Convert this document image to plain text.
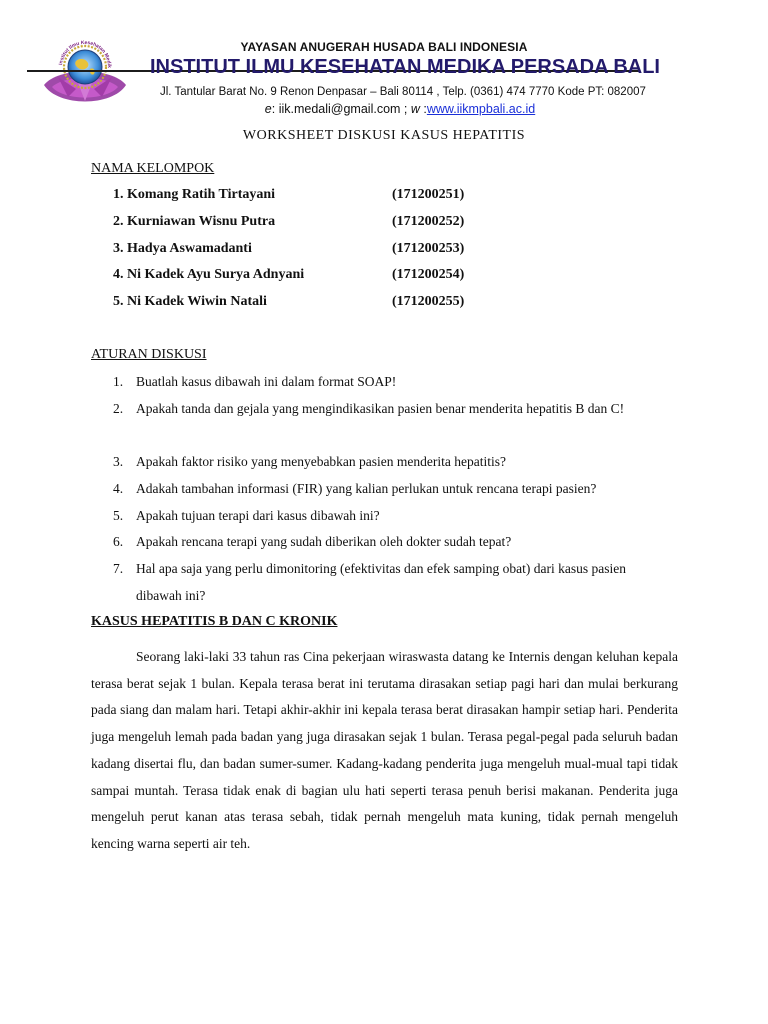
Institut Ilmu Kesehatan Medik
YAYASAN ANUGERAH HUSADA BALI INDONESIA
INSTITUT ILMU KESEHATAN MEDIKA PERSADA BALI
Jl. Tantular Barat No. 9 Renon Denpasar – Bali 80114 , Telp. (0361) 474 7770 Kode PT: 082007
e: iik.medali@gmail.com ; w :www.iikmpbali.ac.id
WORKSHEET DISKUSI KASUS HEPATITIS
NAMA KELOMPOK
1. Komang Ratih Tirtayani	(171200251)
2. Kurniawan Wisnu Putra	(171200252)
3. Hadya Aswamadanti	(171200253)
4. Ni Kadek Ayu Surya Adnyani	(171200254)
5. Ni Kadek Wiwin Natali	(171200255)
ATURAN DISKUSI
1. Buatlah kasus dibawah ini dalam format SOAP!
2. Apakah tanda dan gejala yang mengindikasikan pasien benar menderita hepatitis B dan C!
3. Apakah faktor risiko yang menyebabkan pasien menderita hepatitis?
4. Adakah tambahan informasi (FIR) yang kalian perlukan untuk rencana terapi pasien?
5. Apakah tujuan terapi dari kasus dibawah ini?
6. Apakah rencana terapi yang sudah diberikan oleh dokter sudah tepat?
7. Hal apa saja yang perlu dimonitoring (efektivitas dan efek samping obat) dari kasus pasien dibawah ini?
KASUS HEPATITIS B DAN C KRONIK
Seorang laki-laki 33 tahun ras Cina pekerjaan wiraswasta datang ke Internis dengan keluhan kepala terasa berat sejak 1 bulan. Kepala terasa berat ini terutama dirasakan setiap pagi hari dan mulai berkurang pada siang dan malam hari. Tetapi akhir-akhir ini kepala terasa berat dirasakan hampir setiap hari. Penderita juga mengeluh lemah pada badan yang juga dirasakan sejak 1 bulan. Terasa pegal-pegal pada seluruh badan kadang disertai flu, dan badan sumer-sumer. Kadang-kadang penderita juga mengeluh mual-mual tapi tidak sampai muntah. Terasa tidak enak di bagian ulu hati seperti terasa penuh berisi makanan. Penderita juga mengeluh perut kanan atas terasa sebah, tidak pernah mengeluh mata kuning, tidak pernah mengeluh kencing warna seperti air teh.
